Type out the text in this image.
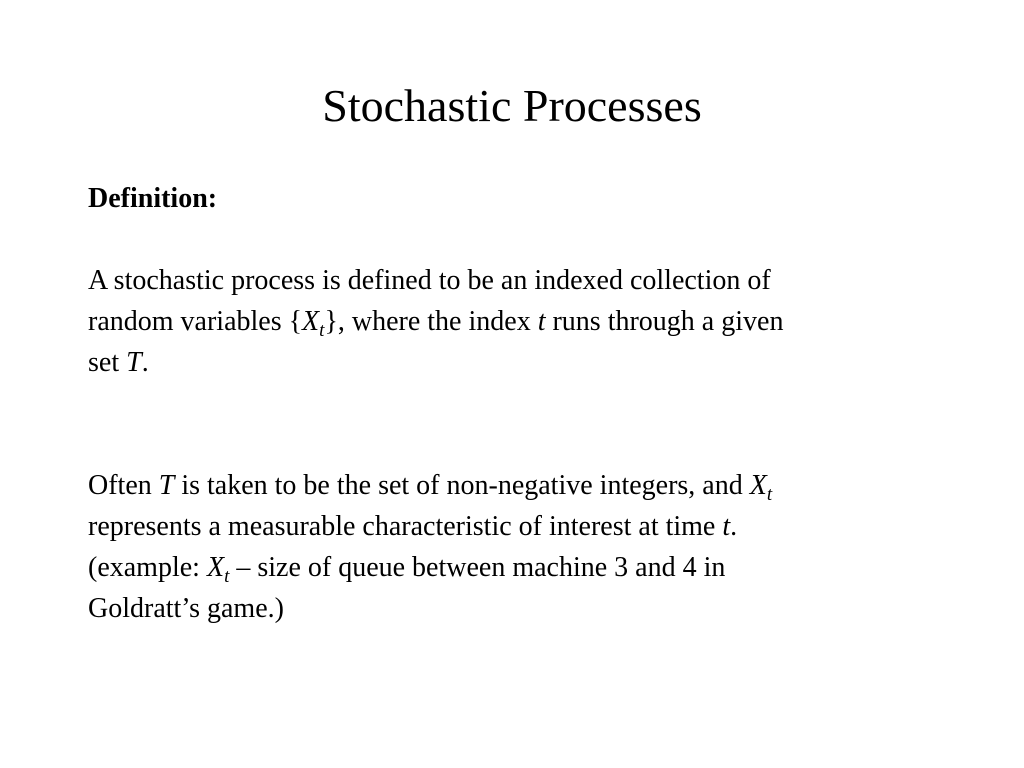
Stochastic Processes

Definition:

A stochastic process is defined to be an indexed collection of
random variables $\{X_t\}$, where the index t runs through a given
set T.

Often T is taken to be the set of non-negative integers, and $X_t$
represents a measurable characteristic of interest at time t.
(example: $X_t$ – size of queue between machine 3 and 4 in
Goldratt’s game.)
